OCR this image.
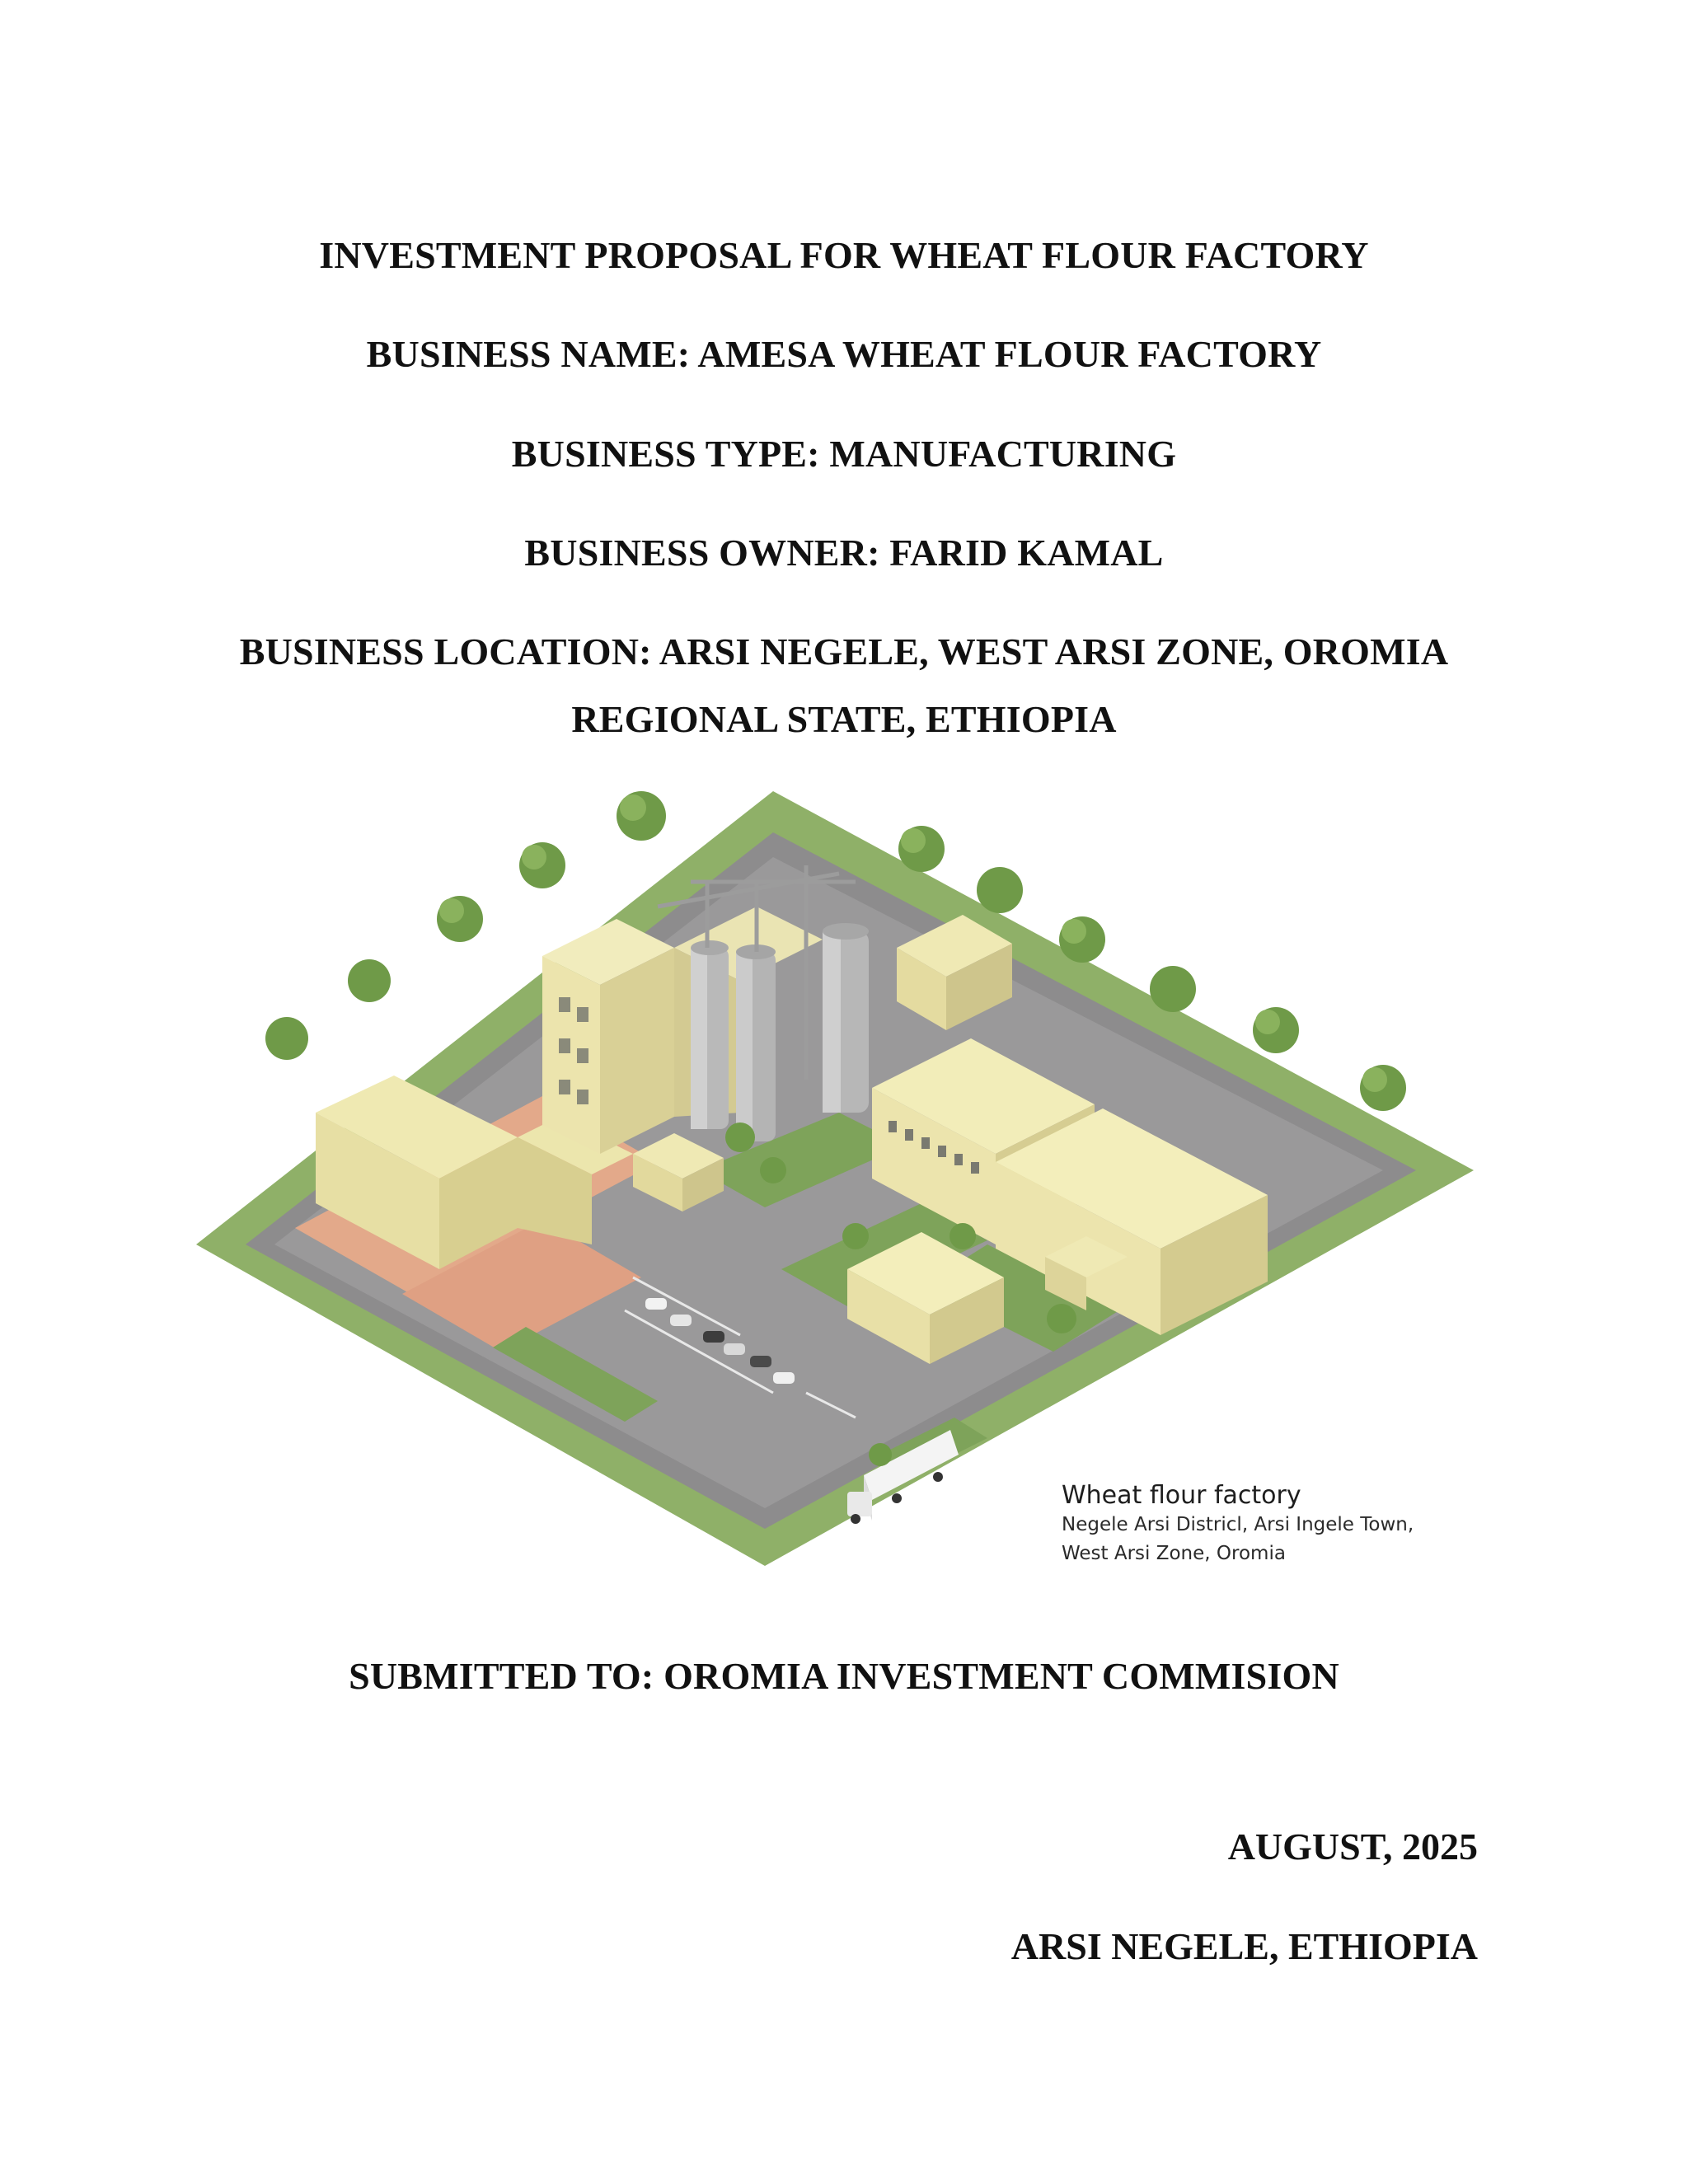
INVESTMENT PROPOSAL FOR WHEAT FLOUR FACTORY
BUSINESS NAME: AMESA WHEAT FLOUR FACTORY
BUSINESS TYPE: MANUFACTURING
BUSINESS OWNER: FARID KAMAL
BUSINESS LOCATION: ARSI NEGELE, WEST ARSI ZONE, OROMIA
REGIONAL STATE, ETHIOPIA
Wheat flour factory
Negele Arsi Districl, Arsi Ingele Town,
West Arsi Zone, Oromia
SUBMITTED TO: OROMIA INVESTMENT COMMISION
AUGUST, 2025
ARSI NEGELE, ETHIOPIA
